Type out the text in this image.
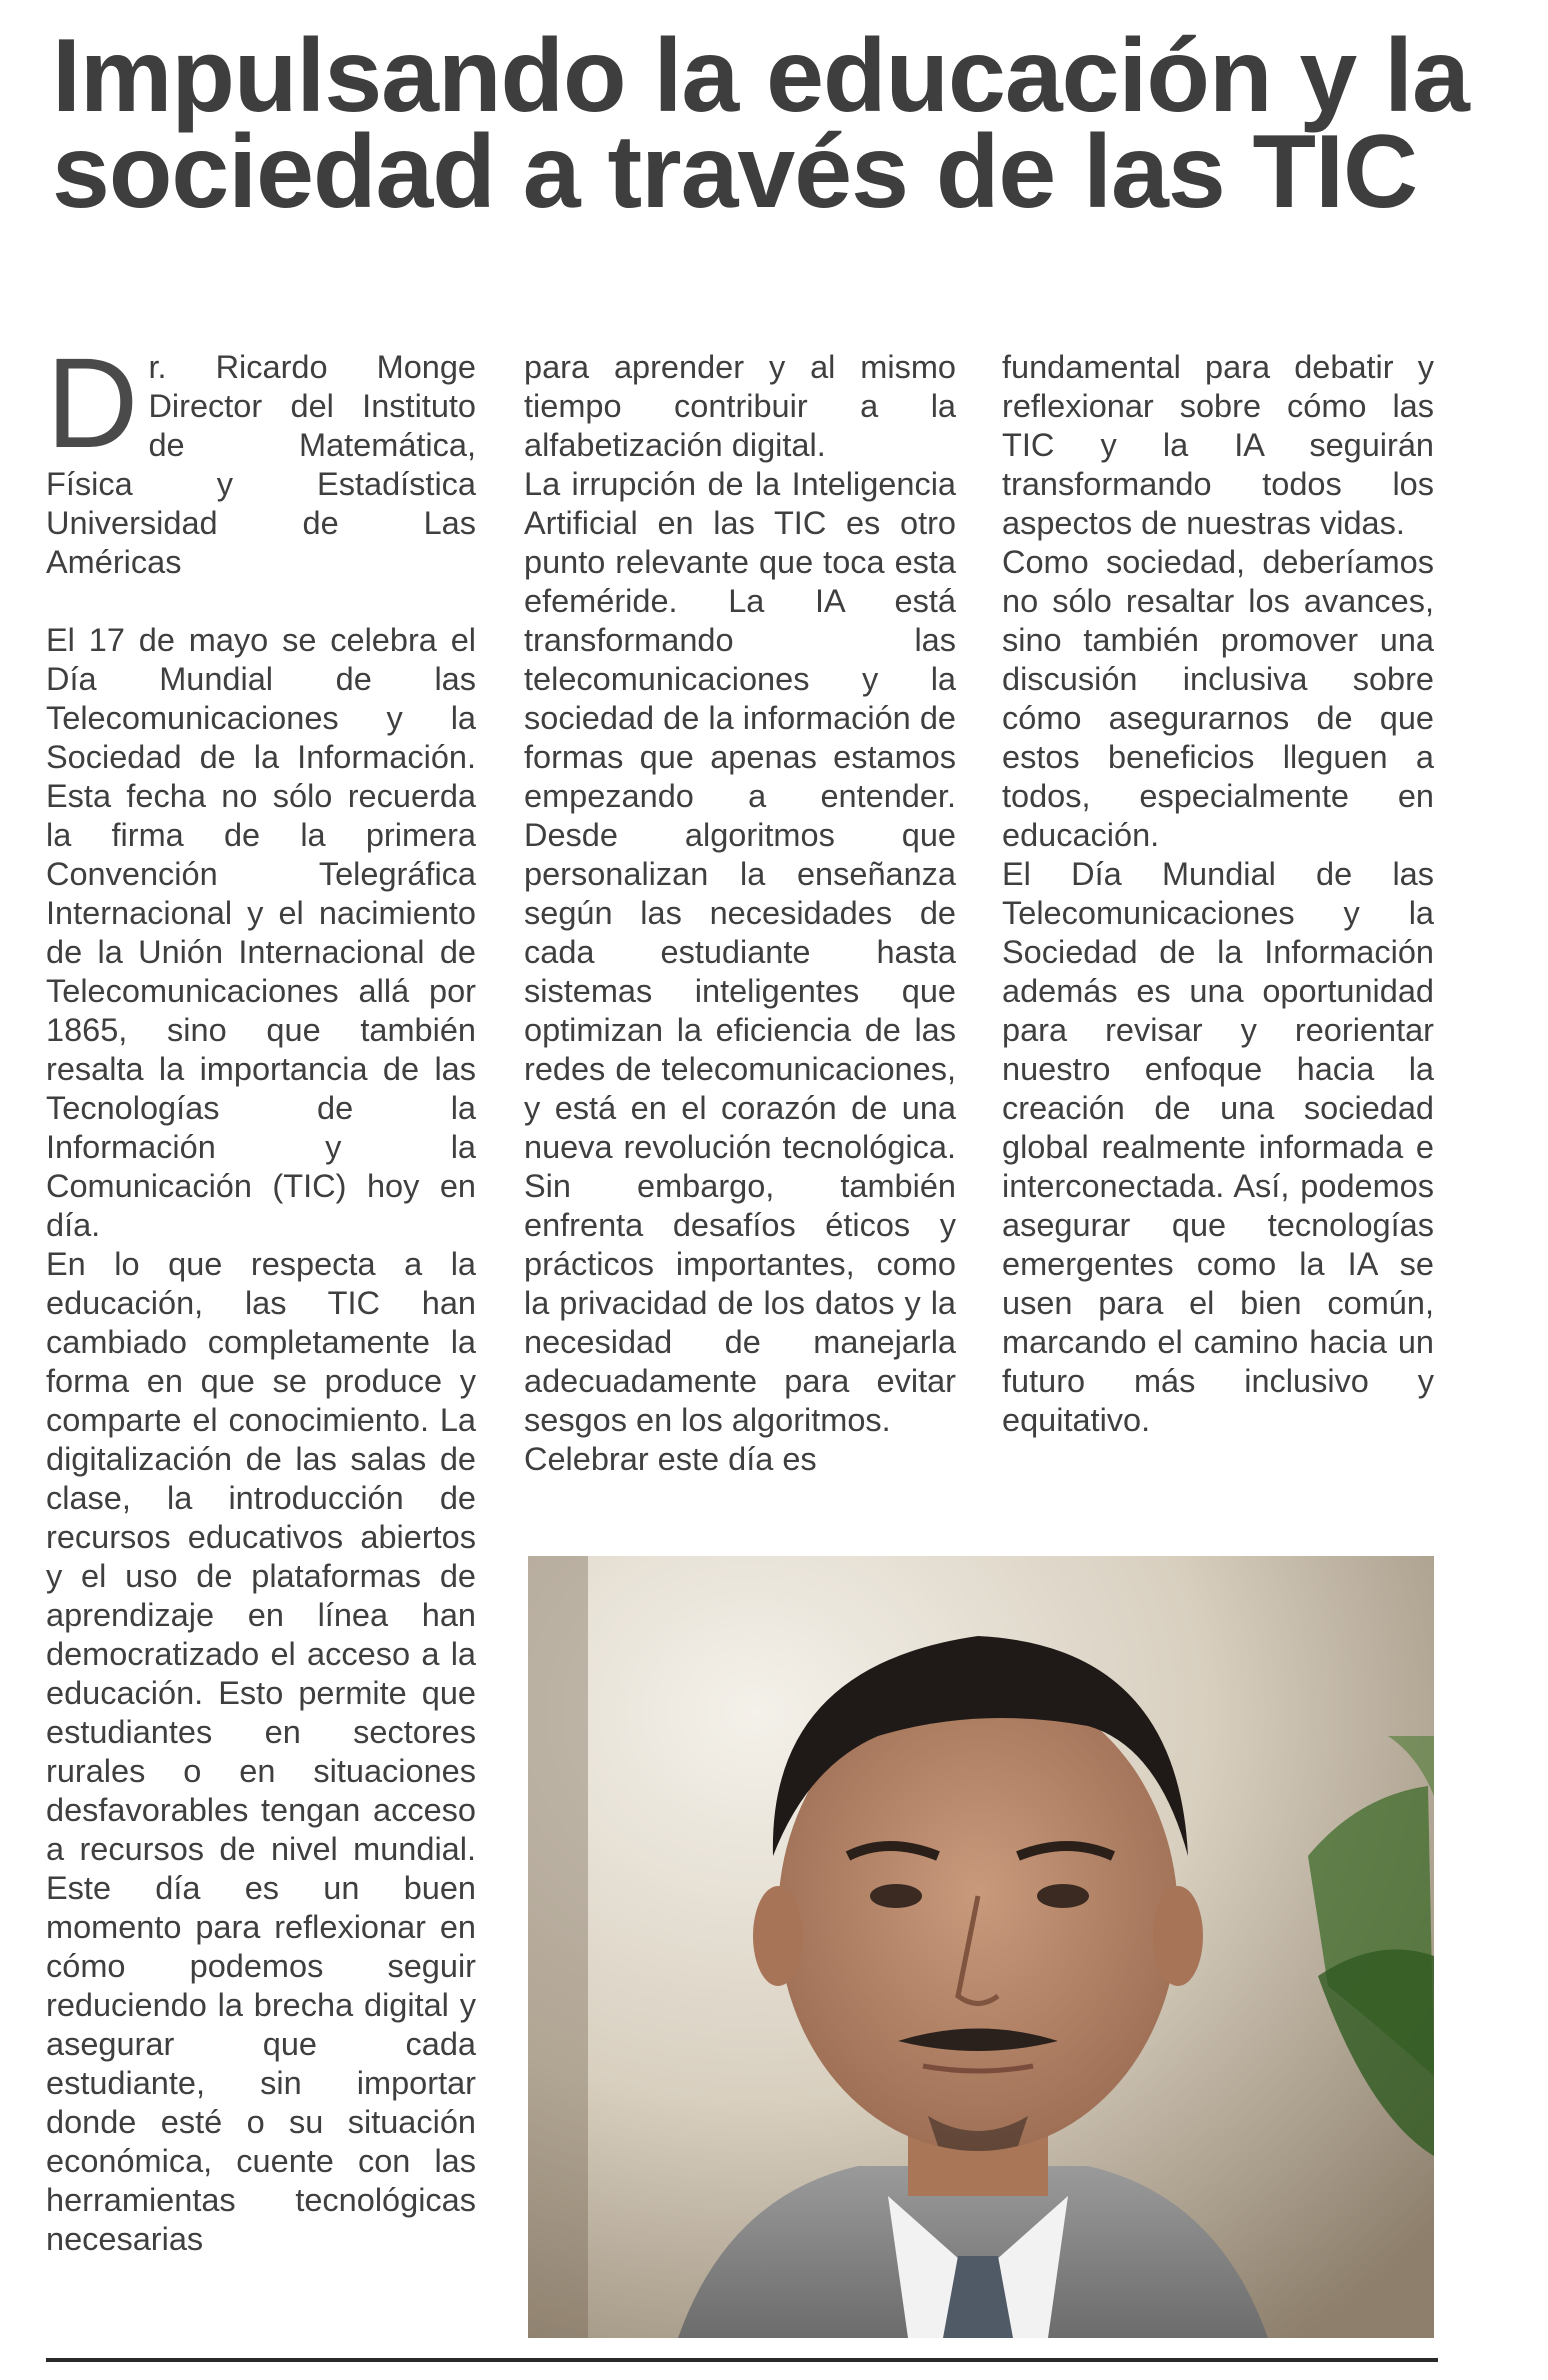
Impulsando la educación y la sociedad a través de las TIC

D r. Ricardo Monge
Director del Instituto
de Matemática,
Física y Estadística
Universidad de Las
Américas

El 17 de mayo se celebra el Día Mundial de las Telecomunicaciones y la Sociedad de la Información. Esta fecha no sólo recuerda la firma de la primera Convención Telegráfica Internacional y el nacimiento de la Unión Internacional de Telecomunicaciones allá por 1865, sino que también resalta la importancia de las Tecnologías de la Información y la Comunicación (TIC) hoy en día.

En lo que respecta a la educación, las TIC han cambiado completamente la forma en que se produce y comparte el conocimiento. La digitalización de las salas de clase, la introducción de recursos educativos abiertos y el uso de plataformas de aprendizaje en línea han democratizado el acceso a la educación. Esto permite que estudiantes en sectores rurales o en situaciones desfavorables tengan acceso a recursos de nivel mundial. Este día es un buen momento para reflexionar en cómo podemos seguir reduciendo la brecha digital y asegurar que cada estudiante, sin importar donde esté o su situación económica, cuente con las herramientas tecnológicas necesarias

para aprender y al mismo tiempo contribuir a la alfabetización digital.

La irrupción de la Inteligencia Artificial en las TIC es otro punto relevante que toca esta efeméride. La IA está transformando las telecomunicaciones y la sociedad de la información de formas que apenas estamos empezando a entender. Desde algoritmos que personalizan la enseñanza según las necesidades de cada estudiante hasta sistemas inteligentes que optimizan la eficiencia de las redes de telecomunicaciones, y está en el corazón de una nueva revolución tecnológica. Sin embargo, también enfrenta desafíos éticos y prácticos importantes, como la privacidad de los datos y la necesidad de manejarla adecuadamente para evitar sesgos en los algoritmos.

Celebrar este día es

fundamental para debatir y reflexionar sobre cómo las TIC y la IA seguirán transformando todos los aspectos de nuestras vidas.

Como sociedad, deberíamos no sólo resaltar los avances, sino también promover una discusión inclusiva sobre cómo asegurarnos de que estos beneficios lleguen a todos, especialmente en educación.

El Día Mundial de las Telecomunicaciones y la Sociedad de la Información además es una oportunidad para revisar y reorientar nuestro enfoque hacia la creación de una sociedad global realmente informada e interconectada. Así, podemos asegurar que tecnologías emergentes como la IA se usen para el bien común, marcando el camino hacia un futuro más inclusivo y equitativo.
